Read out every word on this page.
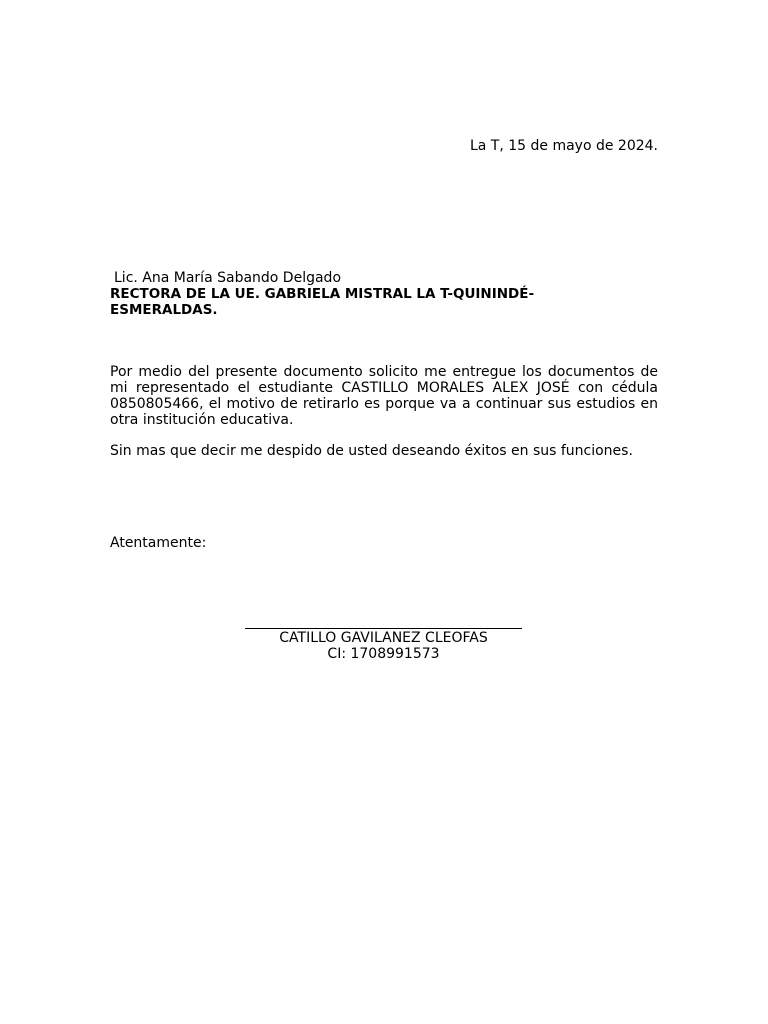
La T, 15 de mayo de 2024.
Lic. Ana María Sabando Delgado
RECTORA DE LA UE. GABRIELA MISTRAL LA T-QUININDÉ-ESMERALDAS.

Por medio del presente documento solicito me entregue los documentos de mi representado el estudiante CASTILLO MORALES ALEX JOSÉ con cédula 0850805466, el motivo de retirarlo es porque va a continuar sus estudios en otra institución educativa.

Sin mas que decir me despido de usted deseando éxitos en sus funciones.

Atentamente:
CATILLO GAVILANEZ CLEOFAS
CI: 1708991573
